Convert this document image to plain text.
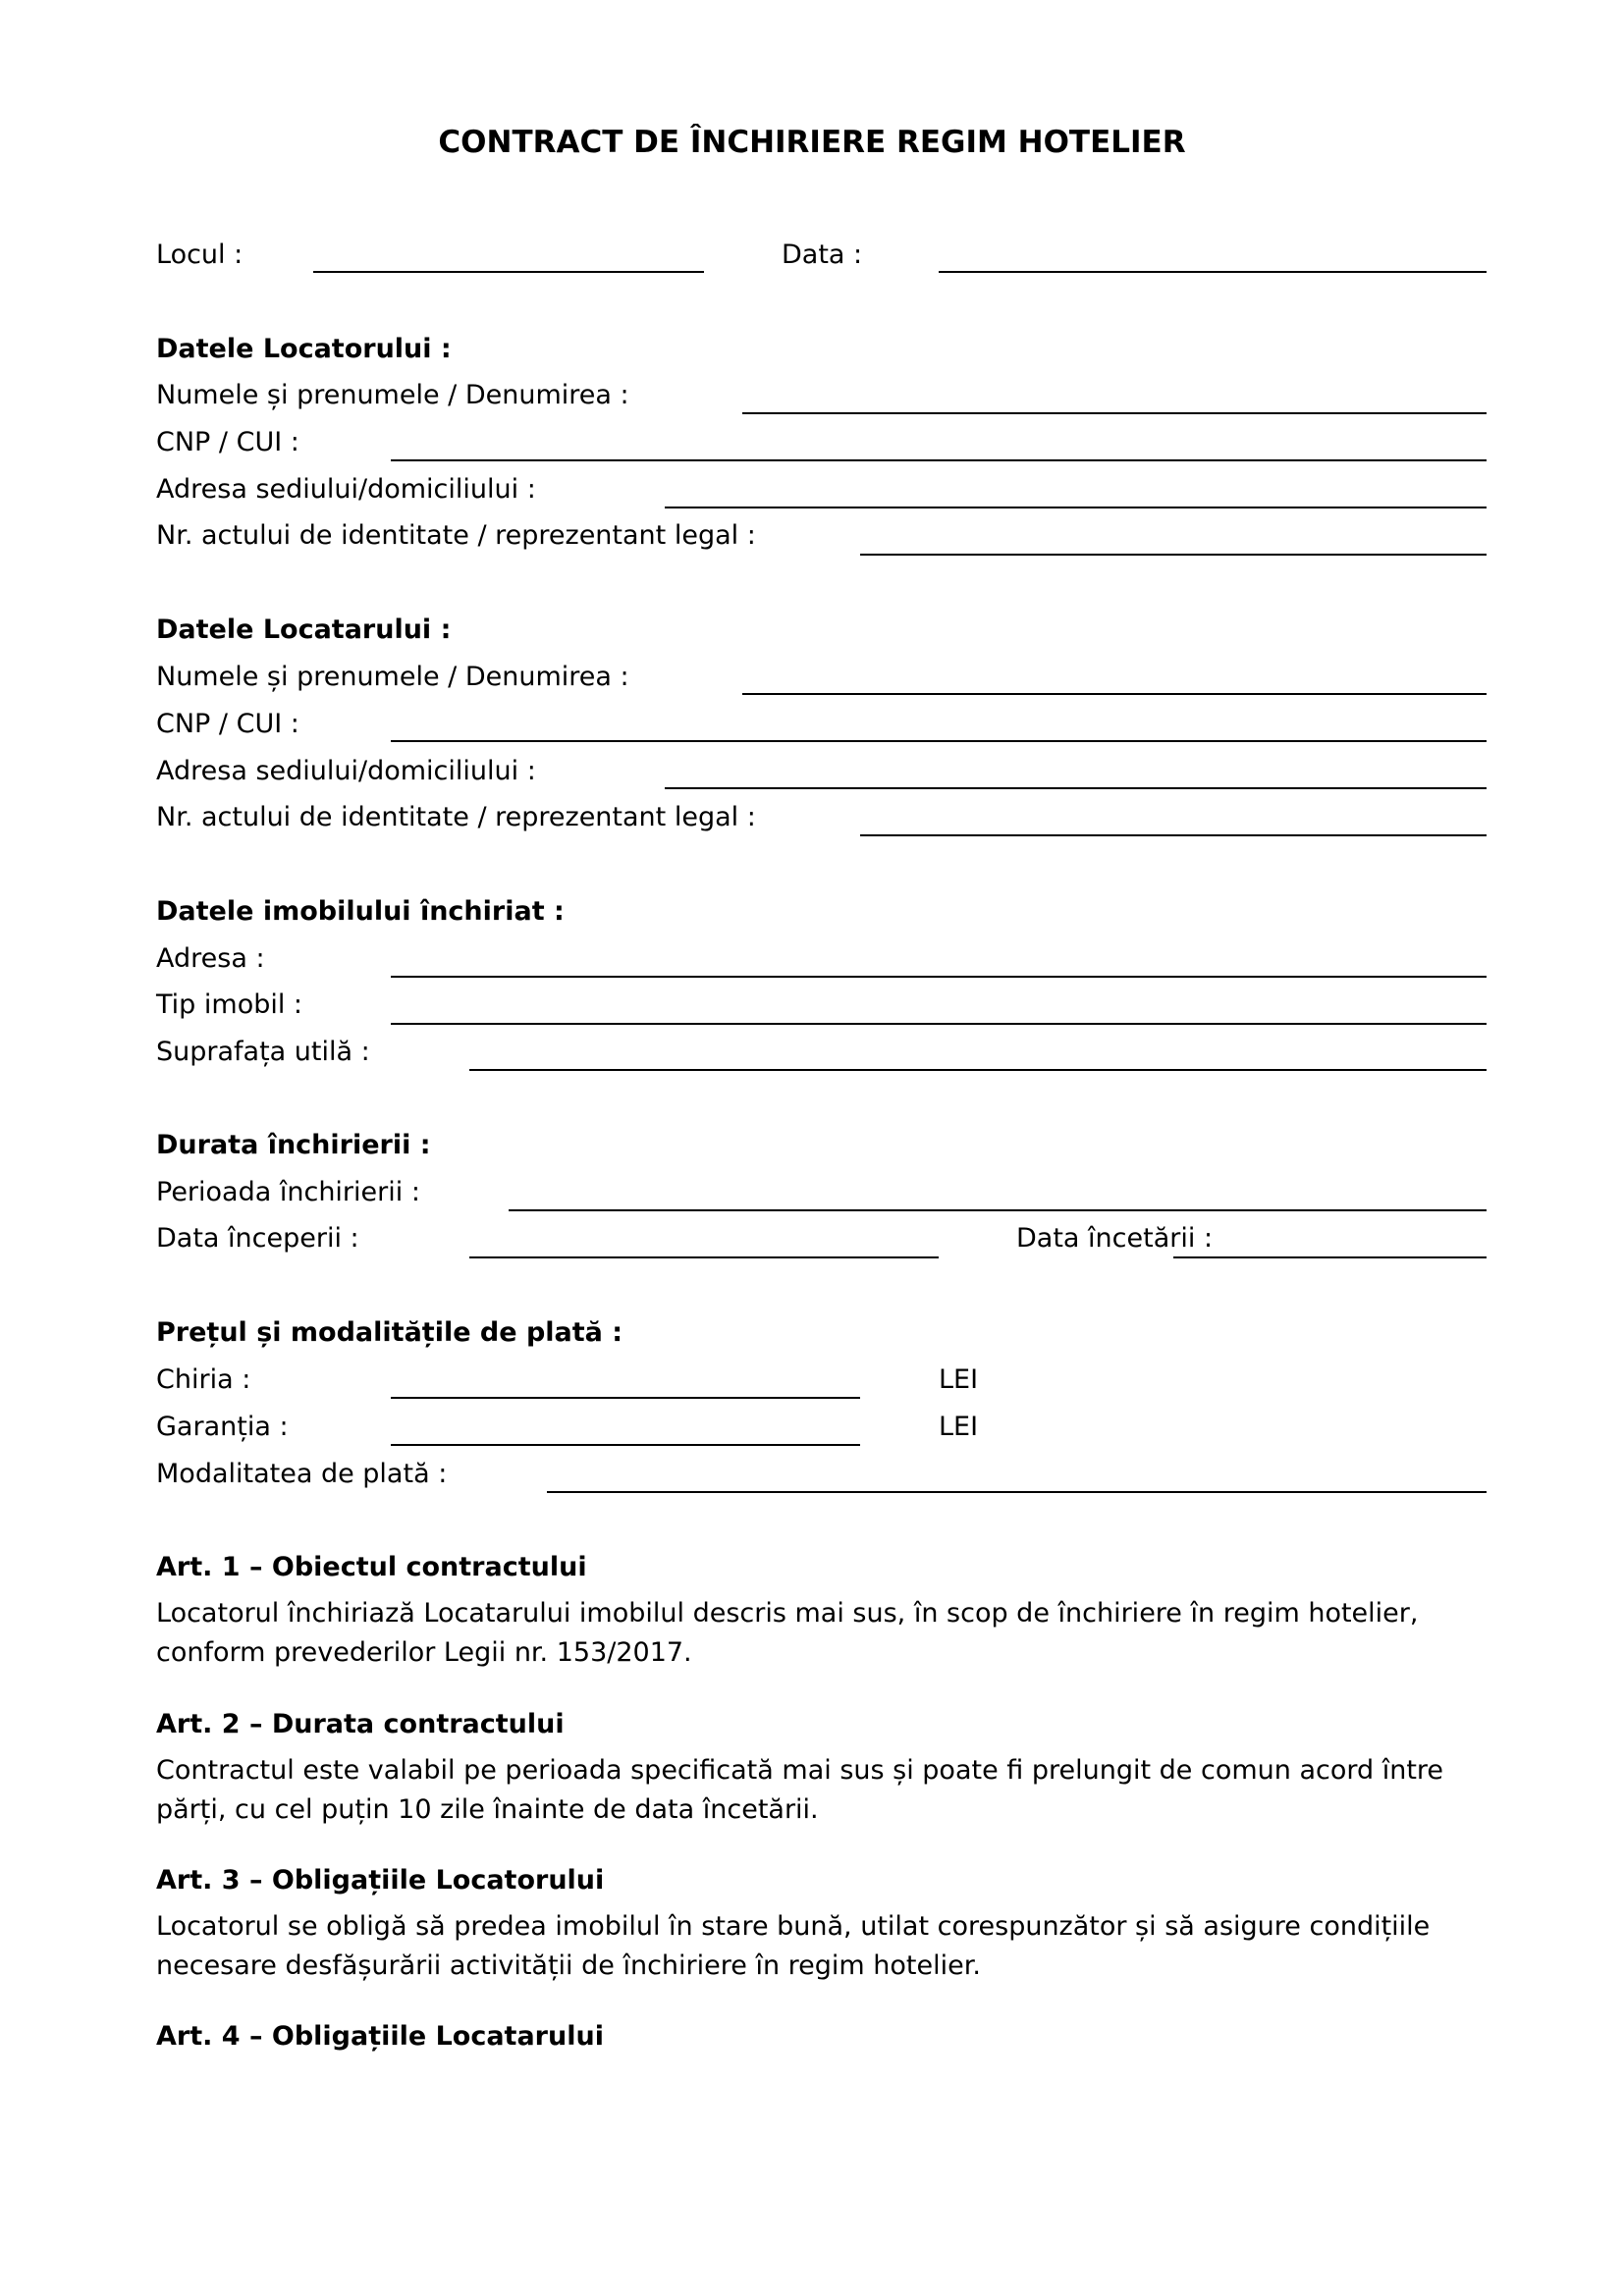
CONTRACT DE ÎNCHIRIERE REGIM HOTELIER
Locul :	Data :
Datele Locatorului :
Numele și prenumele / Denumirea :
CNP / CUI :
Adresa sediului/domiciliului :
Nr. actului de identitate / reprezentant legal :
Datele Locatarului :
Numele și prenumele / Denumirea :
CNP / CUI :
Adresa sediului/domiciliului :
Nr. actului de identitate / reprezentant legal :
Datele imobilului închiriat :
Adresa :
Tip imobil :
Suprafața utilă :
Durata închirierii :
Perioada închirierii :
Data începerii :	Data încetării :
Prețul și modalitățile de plată :
Chiria :	LEI
Garanția :	LEI
Modalitatea de plată :
Art. 1 – Obiectul contractului
Locatorul închiriază Locatarului imobilul descris mai sus, în scop de închiriere în regim hotelier, conform prevederilor Legii nr. 153/2017.
Art. 2 – Durata contractului
Contractul este valabil pe perioada specificată mai sus și poate fi prelungit de comun acord între părți, cu cel puțin 10 zile înainte de data încetării.
Art. 3 – Obligațiile Locatorului
Locatorul se obligă să predea imobilul în stare bună, utilat corespunzător și să asigure condițiile necesare desfășurării activității de închiriere în regim hotelier.
Art. 4 – Obligațiile Locatarului
